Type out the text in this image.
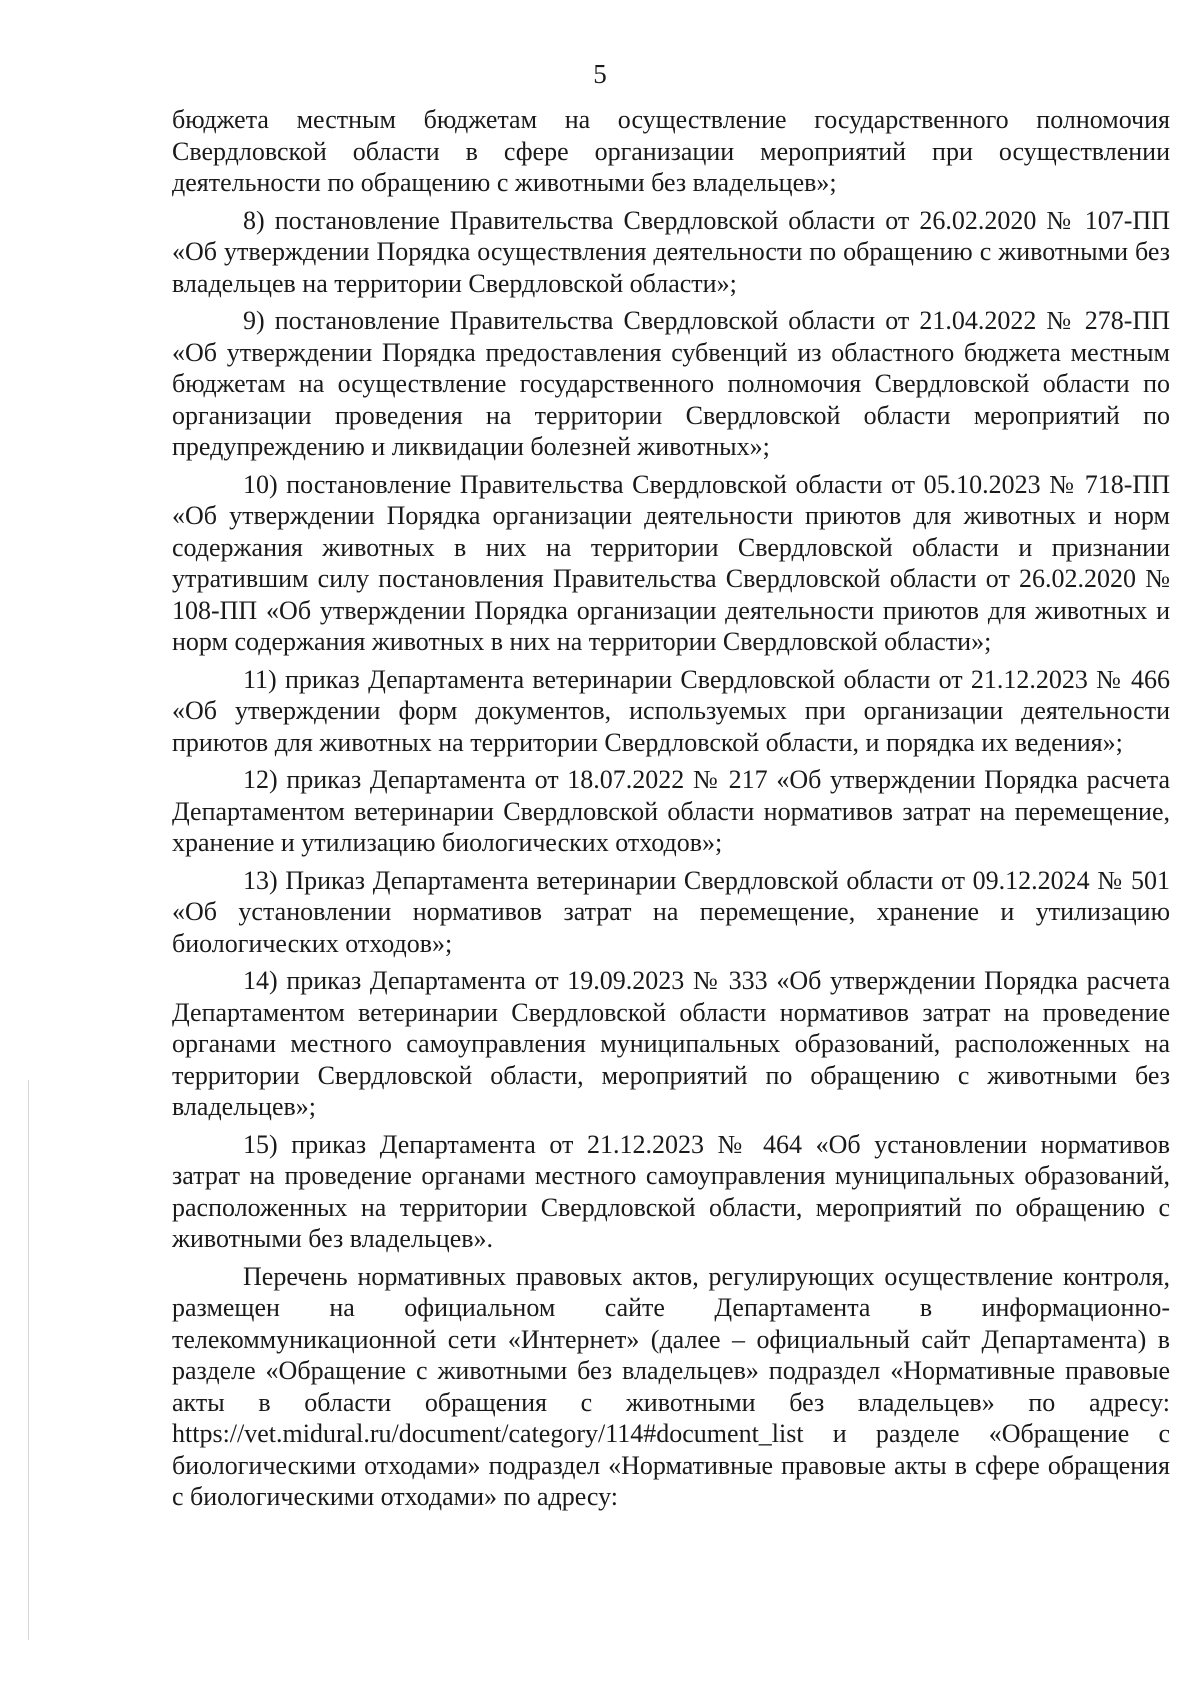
5

бюджета местным бюджетам на осуществление государственного полномочия Свердловской области в сфере организации мероприятий при осуществлении деятельности по обращению с животными без владельцев»;

8) постановление Правительства Свердловской области от 26.02.2020 № 107-ПП «Об утверждении Порядка осуществления деятельности по обращению с животными без владельцев на территории Свердловской области»;

9) постановление Правительства Свердловской области от 21.04.2022 № 278-ПП «Об утверждении Порядка предоставления субвенций из областного бюджета местным бюджетам на осуществление государственного полномочия Свердловской области по организации проведения на территории Свердловской области мероприятий по предупреждению и ликвидации болезней животных»;

10) постановление Правительства Свердловской области от 05.10.2023 № 718-ПП «Об утверждении Порядка организации деятельности приютов для животных и норм содержания животных в них на территории Свердловской области и признании утратившим силу постановления Правительства Свердловской области от 26.02.2020 № 108-ПП «Об утверждении Порядка организации деятельности приютов для животных и норм содержания животных в них на территории Свердловской области»;

11) приказ Департамента ветеринарии Свердловской области от 21.12.2023 № 466 «Об утверждении форм документов, используемых при организации деятельности приютов для животных на территории Свердловской области, и порядка их ведения»;

12) приказ Департамента от 18.07.2022 № 217 «Об утверждении Порядка расчета Департаментом ветеринарии Свердловской области нормативов затрат на перемещение, хранение и утилизацию биологических отходов»;

13) Приказ Департамента ветеринарии Свердловской области от 09.12.2024 № 501 «Об установлении нормативов затрат на перемещение, хранение и утилизацию биологических отходов»;

14) приказ Департамента от 19.09.2023 № 333 «Об утверждении Порядка расчета Департаментом ветеринарии Свердловской области нормативов затрат на проведение органами местного самоуправления муниципальных образований, расположенных на территории Свердловской области, мероприятий по обращению с животными без владельцев»;

15) приказ Департамента от 21.12.2023 № 464 «Об установлении нормативов затрат на проведение органами местного самоуправления муниципальных образований, расположенных на территории Свердловской области, мероприятий по обращению с животными без владельцев».

Перечень нормативных правовых актов, регулирующих осуществление контроля, размещен на официальном сайте Департамента в информационно-телекоммуникационной сети «Интернет» (далее – официальный сайт Департамента) в разделе «Обращение с животными без владельцев» подраздел «Нормативные правовые акты в области обращения с животными без владельцев» по адресу: https://vet.midural.ru/document/category/114#document_list и разделе «Обращение с биологическими отходами» подраздел «Нормативные правовые акты в сфере обращения с биологическими отходами» по адресу:
